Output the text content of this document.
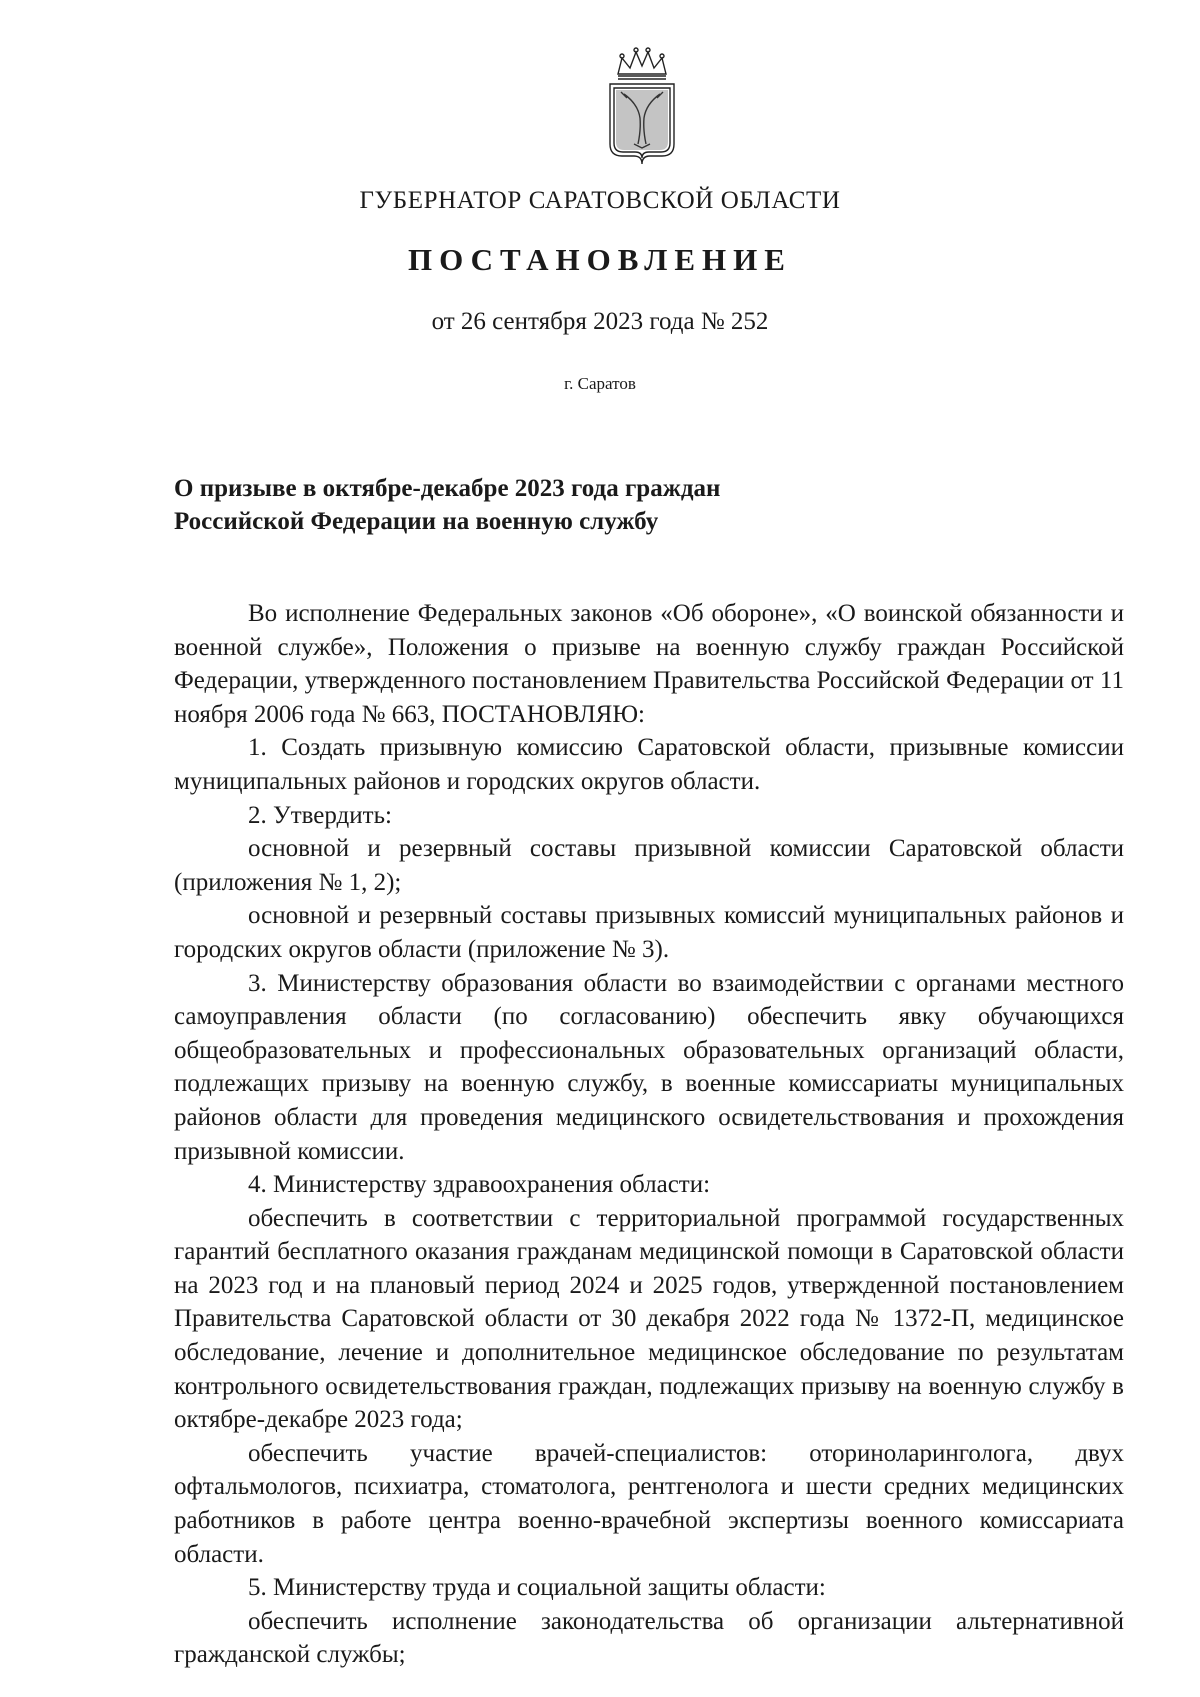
ГУБЕРНАТОР САРАТОВСКОЙ ОБЛАСТИ
ПОСТАНОВЛЕНИЕ
от 26 сентября 2023 года № 252
г. Саратов
О призыве в октябре-декабре 2023 года граждан
Российской Федерации на военную службу

Во исполнение Федеральных законов «Об обороне», «О воинской обязанности и военной службе», Положения о призыве на военную службу граждан Российской Федерации, утвержденного постановлением Правительства Российской Федерации от 11 ноября 2006 года № 663, ПОСТАНОВЛЯЮ:

1. Создать призывную комиссию Саратовской области, призывные комиссии муниципальных районов и городских округов области.

2. Утвердить:

основной и резервный составы призывной комиссии Саратовской области (приложения № 1, 2);

основной и резервный составы призывных комиссий муниципальных районов и городских округов области (приложение № 3).

3. Министерству образования области во взаимодействии с органами местного самоуправления области (по согласованию) обеспечить явку обучающихся общеобразовательных и профессиональных образовательных организаций области, подлежащих призыву на военную службу, в военные комиссариаты муниципальных районов области для проведения медицинского освидетельствования и прохождения призывной комиссии.

4. Министерству здравоохранения области:

обеспечить в соответствии с территориальной программой государственных гарантий бесплатного оказания гражданам медицинской помощи в Саратовской области на 2023 год и на плановый период 2024 и 2025 годов, утвержденной постановлением Правительства Саратовской области от 30 декабря 2022 года № 1372-П, медицинское обследование, лечение и дополнительное медицинское обследование по результатам контрольного освидетельствования граждан, подлежащих призыву на военную службу в октябре-декабре 2023 года;

обеспечить участие врачей-специалистов: оториноларинголога, двух офтальмологов, психиатра, стоматолога, рентгенолога и шести средних медицинских работников в работе центра военно-врачебной экспертизы военного комиссариата области.

5. Министерству труда и социальной защиты области:

обеспечить исполнение законодательства об организации альтернативной гражданской службы;
